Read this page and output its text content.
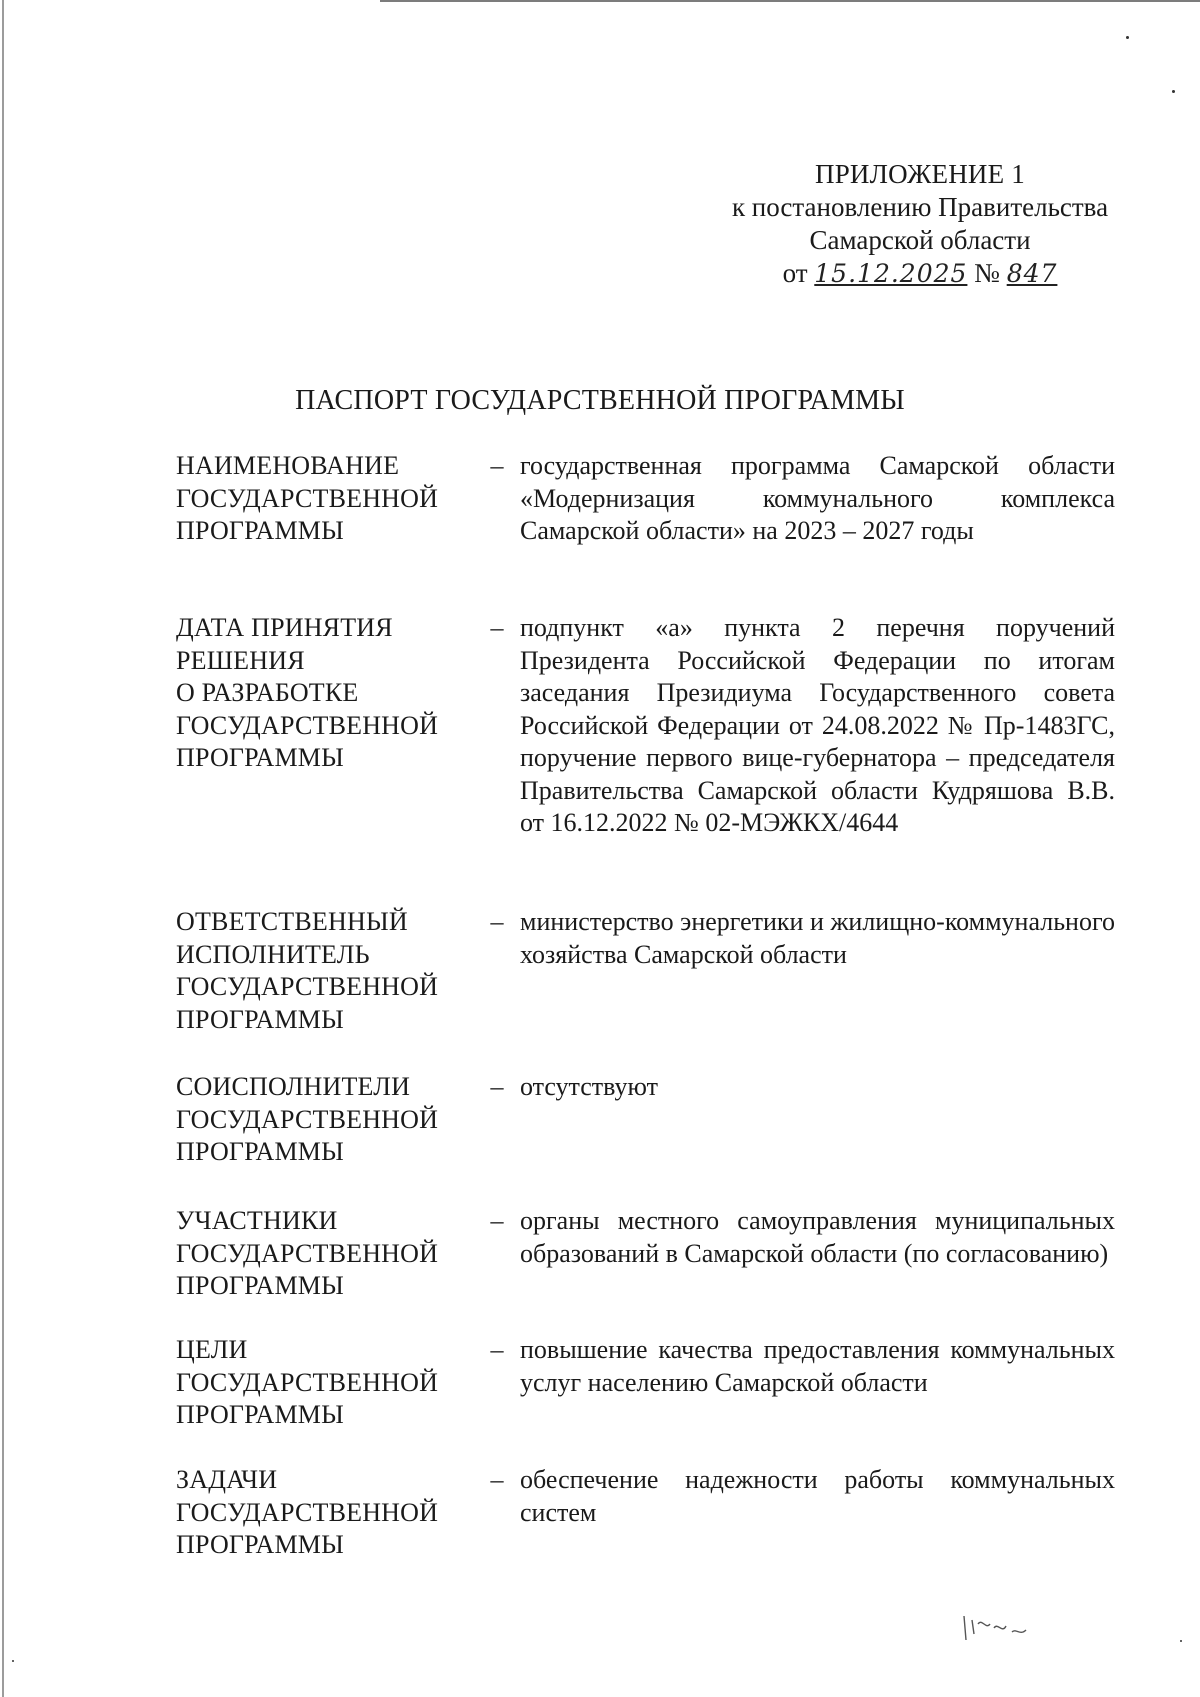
ПРИЛОЖЕНИЕ 1
к постановлению Правительства
Самарской области
от 15.12.2025 № 847
ПАСПОРТ ГОСУДАРСТВЕННОЙ ПРОГРАММЫ
НАИМЕНОВАНИЕ
ГОСУДАРСТВЕННОЙ
ПРОГРАММЫ
– государственная программа Самарской области «Модернизация коммунального комплекса Самарской области» на 2023 – 2027 годы
ДАТА ПРИНЯТИЯ
РЕШЕНИЯ
О РАЗРАБОТКЕ
ГОСУДАРСТВЕННОЙ
ПРОГРАММЫ
– подпункт «а» пункта 2 перечня поручений Президента Российской Федерации по итогам заседания Президиума Государственного совета Российской Федерации от 24.08.2022 № Пр-1483ГС, поручение первого вице-губернатора – председателя Правительства Самарской области Кудряшова В.В. от 16.12.2022 № 02-МЭЖКХ/4644
ОТВЕТСТВЕННЫЙ
ИСПОЛНИТЕЛЬ
ГОСУДАРСТВЕННОЙ
ПРОГРАММЫ
– министерство энергетики и жилищно-коммунального хозяйства Самарской области
СОИСПОЛНИТЕЛИ
ГОСУДАРСТВЕННОЙ
ПРОГРАММЫ
– отсутствуют
УЧАСТНИКИ
ГОСУДАРСТВЕННОЙ
ПРОГРАММЫ
– органы местного самоуправления муниципальных образований в Самарской области (по согласованию)
ЦЕЛИ
ГОСУДАРСТВЕННОЙ
ПРОГРАММЫ
– повышение качества предоставления коммунальных услуг населению Самарской области
ЗАДАЧИ
ГОСУДАРСТВЕННОЙ
ПРОГРАММЫ
– обеспечение надежности работы коммунальных систем
